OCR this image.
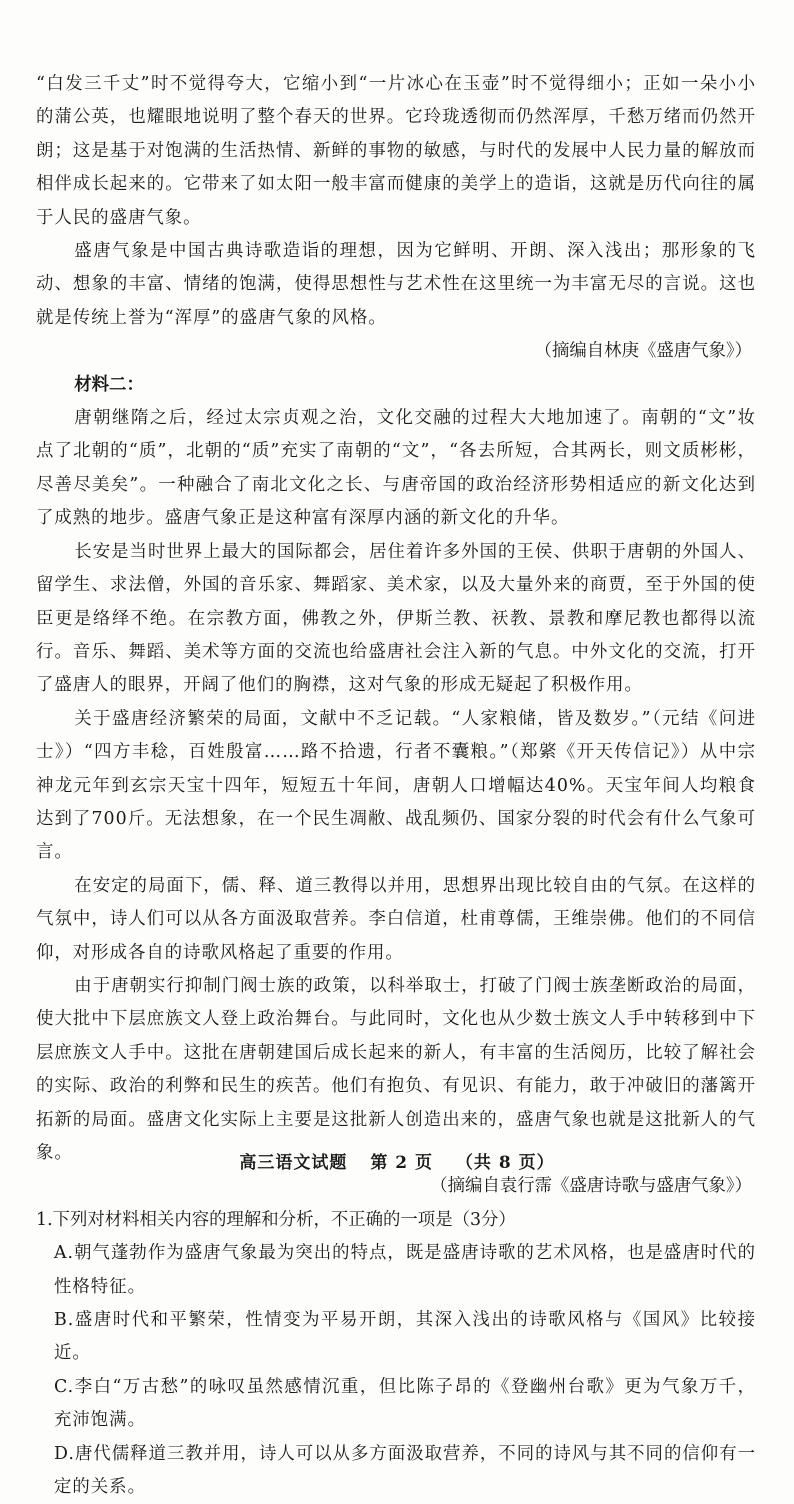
“白发三千丈”时不觉得夸大，它缩小到“一片冰心在玉壶”时不觉得细小；正如一朵小小的蒲公英，也耀眼地说明了整个春天的世界。它玲珑透彻而仍然浑厚，千愁万绪而仍然开朗；这是基于对饱满的生活热情、新鲜的事物的敏感，与时代的发展中人民力量的解放而相伴成长起来的。它带来了如太阳一般丰富而健康的美学上的造诣，这就是历代向往的属于人民的盛唐气象。

盛唐气象是中国古典诗歌造诣的理想，因为它鲜明、开朗、深入浅出；那形象的飞动、想象的丰富、情绪的饱满，使得思想性与艺术性在这里统一为丰富无尽的言说。这也就是传统上誉为“浑厚”的盛唐气象的风格。

（摘编自林庚《盛唐气象》）

材料二：

唐朝继隋之后，经过太宗贞观之治，文化交融的过程大大地加速了。南朝的“文”妆点了北朝的“质”，北朝的“质”充实了南朝的“文”，“各去所短，合其两长，则文质彬彬，尽善尽美矣”。一种融合了南北文化之长、与唐帝国的政治经济形势相适应的新文化达到了成熟的地步。盛唐气象正是这种富有深厚内涵的新文化的升华。

长安是当时世界上最大的国际都会，居住着许多外国的王侯、供职于唐朝的外国人、留学生、求法僧，外国的音乐家、舞蹈家、美术家，以及大量外来的商贾，至于外国的使臣更是络绎不绝。在宗教方面，佛教之外，伊斯兰教、祆教、景教和摩尼教也都得以流行。音乐、舞蹈、美术等方面的交流也给盛唐社会注入新的气息。中外文化的交流，打开了盛唐人的眼界，开阔了他们的胸襟，这对气象的形成无疑起了积极作用。

关于盛唐经济繁荣的局面，文献中不乏记载。“人家粮储，皆及数岁。”（元结《问进士》）“四方丰稔，百姓殷富……路不拾遗，行者不囊粮。”（郑綮《开天传信记》）从中宗神龙元年到玄宗天宝十四年，短短五十年间，唐朝人口增幅达40%。天宝年间人均粮食达到了700斤。无法想象，在一个民生凋敝、战乱频仍、国家分裂的时代会有什么气象可言。

在安定的局面下，儒、释、道三教得以并用，思想界出现比较自由的气氛。在这样的气氛中，诗人们可以从各方面汲取营养。李白信道，杜甫尊儒，王维崇佛。他们的不同信仰，对形成各自的诗歌风格起了重要的作用。

由于唐朝实行抑制门阀士族的政策，以科举取士，打破了门阀士族垄断政治的局面，使大批中下层庶族文人登上政治舞台。与此同时，文化也从少数士族文人手中转移到中下层庶族文人手中。这批在唐朝建国后成长起来的新人，有丰富的生活阅历，比较了解社会的实际、政治的利弊和民生的疾苦。他们有抱负、有见识、有能力，敢于冲破旧的藩篱开拓新的局面。盛唐文化实际上主要是这批新人创造出来的，盛唐气象也就是这批新人的气象。

（摘编自袁行霈《盛唐诗歌与盛唐气象》）

1.下列对材料相关内容的理解和分析，不正确的一项是（3分）

A.朝气蓬勃作为盛唐气象最为突出的特点，既是盛唐诗歌的艺术风格，也是盛唐时代的性格特征。

B.盛唐时代和平繁荣，性情变为平易开朗，其深入浅出的诗歌风格与《国风》比较接近。

C.李白“万古愁”的咏叹虽然感情沉重，但比陈子昂的《登幽州台歌》更为气象万千，充沛饱满。

D.唐代儒释道三教并用，诗人可以从多方面汲取营养，不同的诗风与其不同的信仰有一定的关系。

高三语文试题 第 2 页 （共 8 页）
